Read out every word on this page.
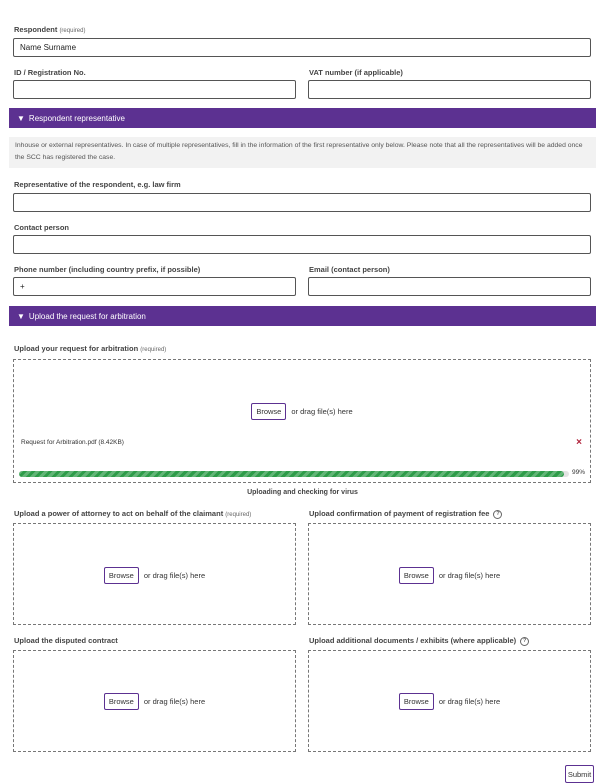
Respondent (required)
Name Surname
ID / Registration No.	VAT number (if applicable)
▼ Respondent representative
Inhouse or external representatives. In case of multiple representatives, fill in the information of the first representative only below. Please note that all the representatives will be added once the SCC has registered the case.
Representative of the respondent, e.g. law firm
Contact person
Phone number (including country prefix, if possible)
+
Email (contact person)
▼ Upload the request for arbitration
Upload your request for arbitration (required)
Browse	or drag file(s) here
Request for Arbitration.pdf (8.42KB)	×
99%
Uploading and checking for virus
Upload a power of attorney to act on behalf of the claimant (required)
Browse	or drag file(s) here
Upload confirmation of payment of registration fee ?
Browse	or drag file(s) here
Upload the disputed contract
Browse	or drag file(s) here
Upload additional documents / exhibits (where applicable) ?
Browse	or drag file(s) here
Submit
